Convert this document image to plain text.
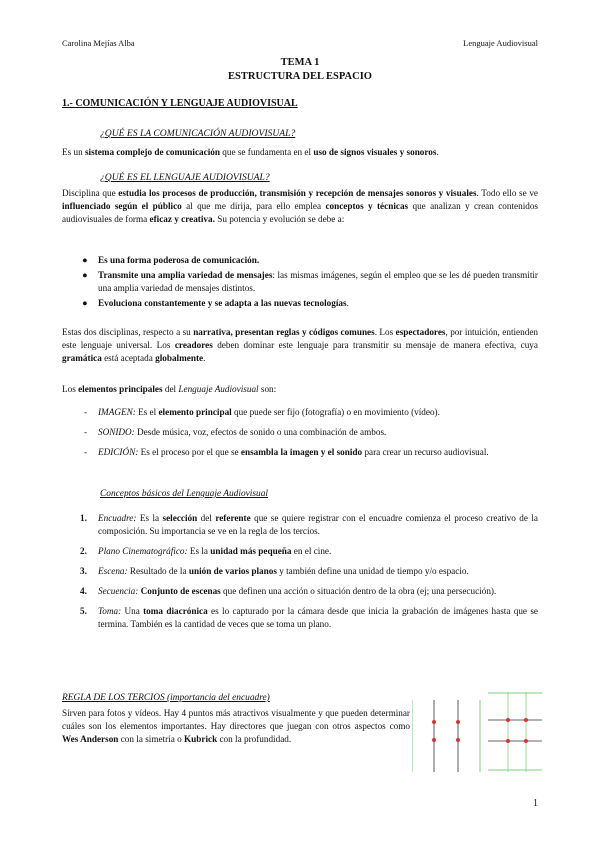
Carolina Mejías Alba	Lenguaje Audiovisual
TEMA 1
ESTRUCTURA DEL ESPACIO
1.- COMUNICACIÓN Y LENGUAJE AUDIOVISUAL
¿QUÉ ES LA COMUNICACIÓN AUDIOVISUAL?
Es un sistema complejo de comunicación que se fundamenta en el uso de signos visuales y sonoros.
¿QUÉ ES EL LENGUAJE AUDIOVISUAL?
Disciplina que estudia los procesos de producción, transmisión y recepción de mensajes sonoros y visuales. Todo ello se ve influenciado según el público al que me dirija, para ello emplea conceptos y técnicas que analizan y crean contenidos audiovisuales de forma eficaz y creativa. Su potencia y evolución se debe a:
● Es una forma poderosa de comunicación.
● Transmite una amplia variedad de mensajes: las mismas imágenes, según el empleo que se les dé pueden transmitir una amplia variedad de mensajes distintos.
● Evoluciona constantemente y se adapta a las nuevas tecnologías.
Estas dos disciplinas, respecto a su narrativa, presentan reglas y códigos comunes. Los espectadores, por intuición, entienden este lenguaje universal. Los creadores deben dominar este lenguaje para transmitir su mensaje de manera efectiva, cuya gramática está aceptada globalmente.
Los elementos principales del Lenguaje Audiovisual son:
- IMAGEN: Es el elemento principal que puede ser fijo (fotografía) o en movimiento (vídeo).
- SONIDO: Desde música, voz, efectos de sonido o una combinación de ambos.
- EDICIÓN: Es el proceso por el que se ensambla la imagen y el sonido para crear un recurso audiovisual.
Conceptos básicos del Lenguaje Audiovisual
1. Encuadre: Es la selección del referente que se quiere registrar con el encuadre comienza el proceso creativo de la composición. Su importancia se ve en la regla de los tercios.
2. Plano Cinematográfico: Es la unidad más pequeña en el cine.
3. Escena: Resultado de la unión de varios planos y también define una unidad de tiempo y/o espacio.
4. Secuencia: Conjunto de escenas que definen una acción o situación dentro de la obra (ej; una persecución).
5. Toma: Una toma diacrónica es lo capturado por la cámara desde que inicia la grabación de imágenes hasta que se termina. También es la cantidad de veces que se toma un plano.
REGLA DE LOS TERCIOS (importancia del encuadre)
Sirven para fotos y vídeos. Hay 4 puntos más atractivos visualmente y que pueden determinar cuáles son los elementos importantes. Hay directores que juegan con otros aspectos como Wes Anderson con la simetría o Kubrick con la profundidad.
1
